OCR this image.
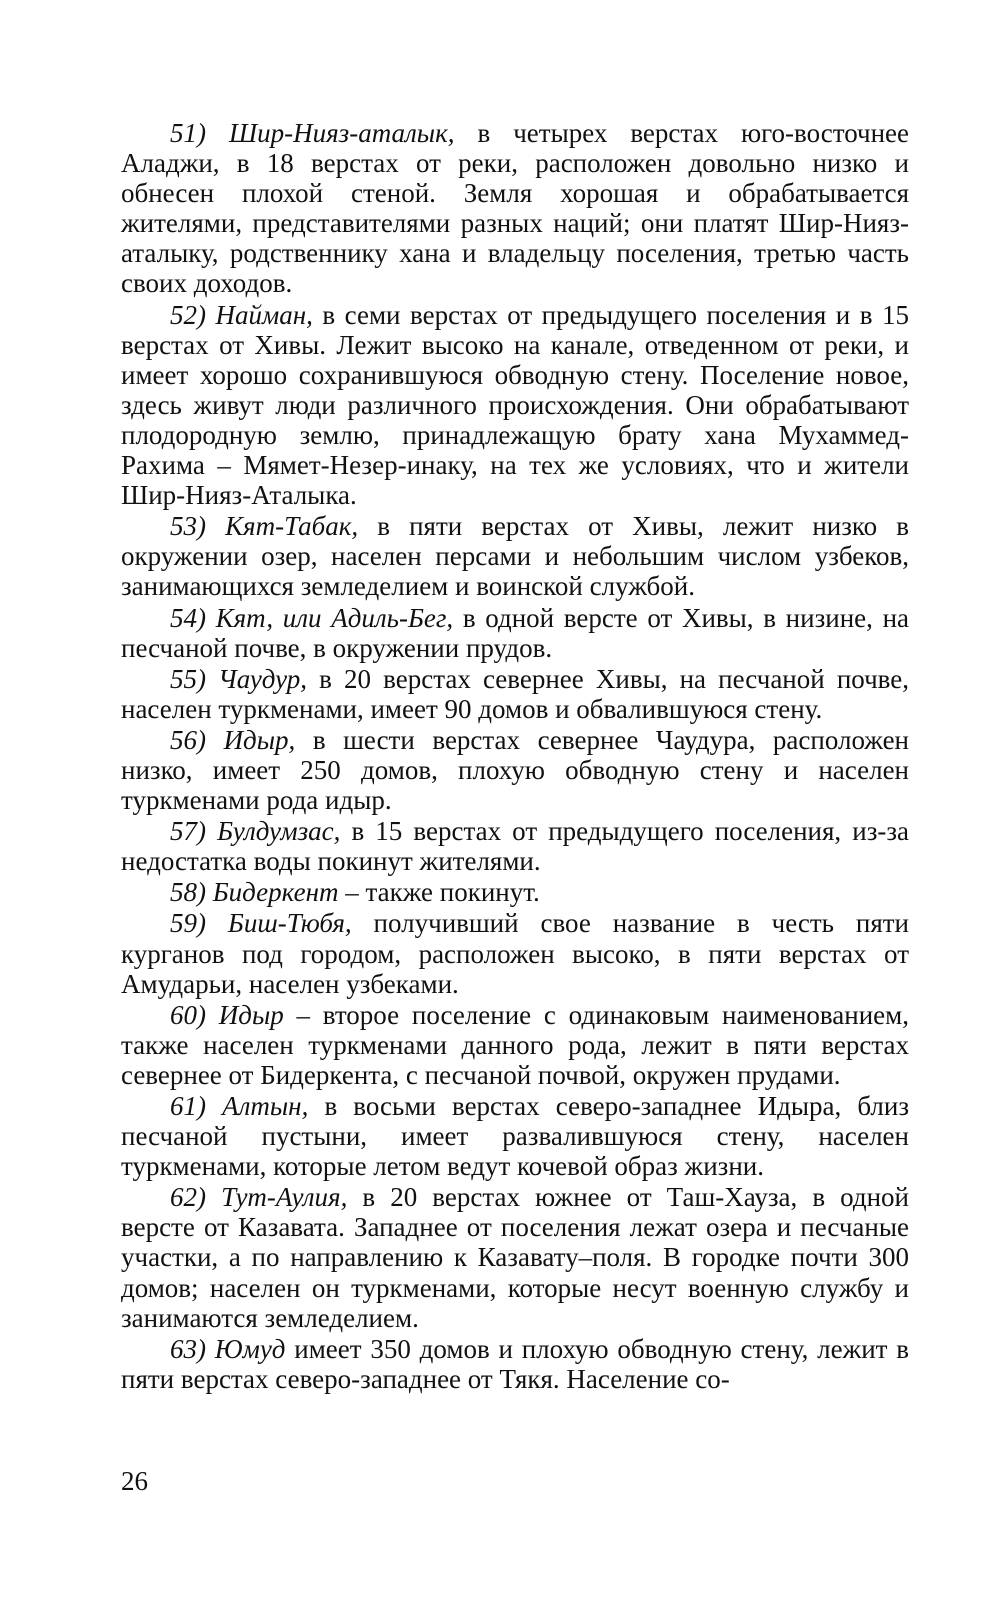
51) Шир-Нияз-аталык, в четырех верстах юго-восточнее Аладжи, в 18 верстах от реки, расположен довольно низко и обнесен плохой стеной. Земля хорошая и обрабатывается жителями, представителями разных наций; они платят Шир-Нияз-аталыку, родственнику хана и владельцу поселения, третью часть своих доходов.

52) Найман, в семи верстах от предыдущего поселения и в 15 верстах от Хивы. Лежит высоко на канале, отведенном от реки, и имеет хорошо сохранившуюся обводную стену. Поселение новое, здесь живут люди различного происхождения. Они обрабатывают плодородную землю, принадлежащую брату хана Мухаммед-Рахима – Мямет-Незер-инаку, на тех же условиях, что и жители Шир-Нияз-Аталыка.

53) Кят-Табак, в пяти верстах от Хивы, лежит низко в окружении озер, населен персами и небольшим числом узбеков, занимающихся земледелием и воинской службой.

54) Кят, или Адиль-Бег, в одной версте от Хивы, в низине, на песчаной почве, в окружении прудов.

55) Чаудур, в 20 верстах севернее Хивы, на песчаной почве, населен туркменами, имеет 90 домов и обвалившуюся стену.

56) Идыр, в шести верстах севернее Чаудура, расположен низко, имеет 250 домов, плохую обводную стену и населен туркменами рода идыр.

57) Булдумзас, в 15 верстах от предыдущего поселения, из-за недостатка воды покинут жителями.

58) Бидеркент – также покинут.

59) Биш-Тюбя, получивший свое название в честь пяти курганов под городом, расположен высоко, в пяти верстах от Амударьи, населен узбеками.

60) Идыр – второе поселение с одинаковым наименованием, также населен туркменами данного рода, лежит в пяти верстах севернее от Бидеркента, с песчаной почвой, окружен прудами.

61) Алтын, в восьми верстах северо-западнее Идыра, близ песчаной пустыни, имеет развалившуюся стену, населен туркменами, которые летом ведут кочевой образ жизни.

62) Тут-Аулия, в 20 верстах южнее от Таш-Хауза, в одной версте от Казавата. Западнее от поселения лежат озера и песчаные участки, а по направлению к Казавату–поля. В городке почти 300 домов; населен он туркменами, которые несут военную службу и занимаются земледелием.

63) Юмуд имеет 350 домов и плохую обводную стену, лежит в пяти верстах северо-западнее от Тякя. Население со-

26
